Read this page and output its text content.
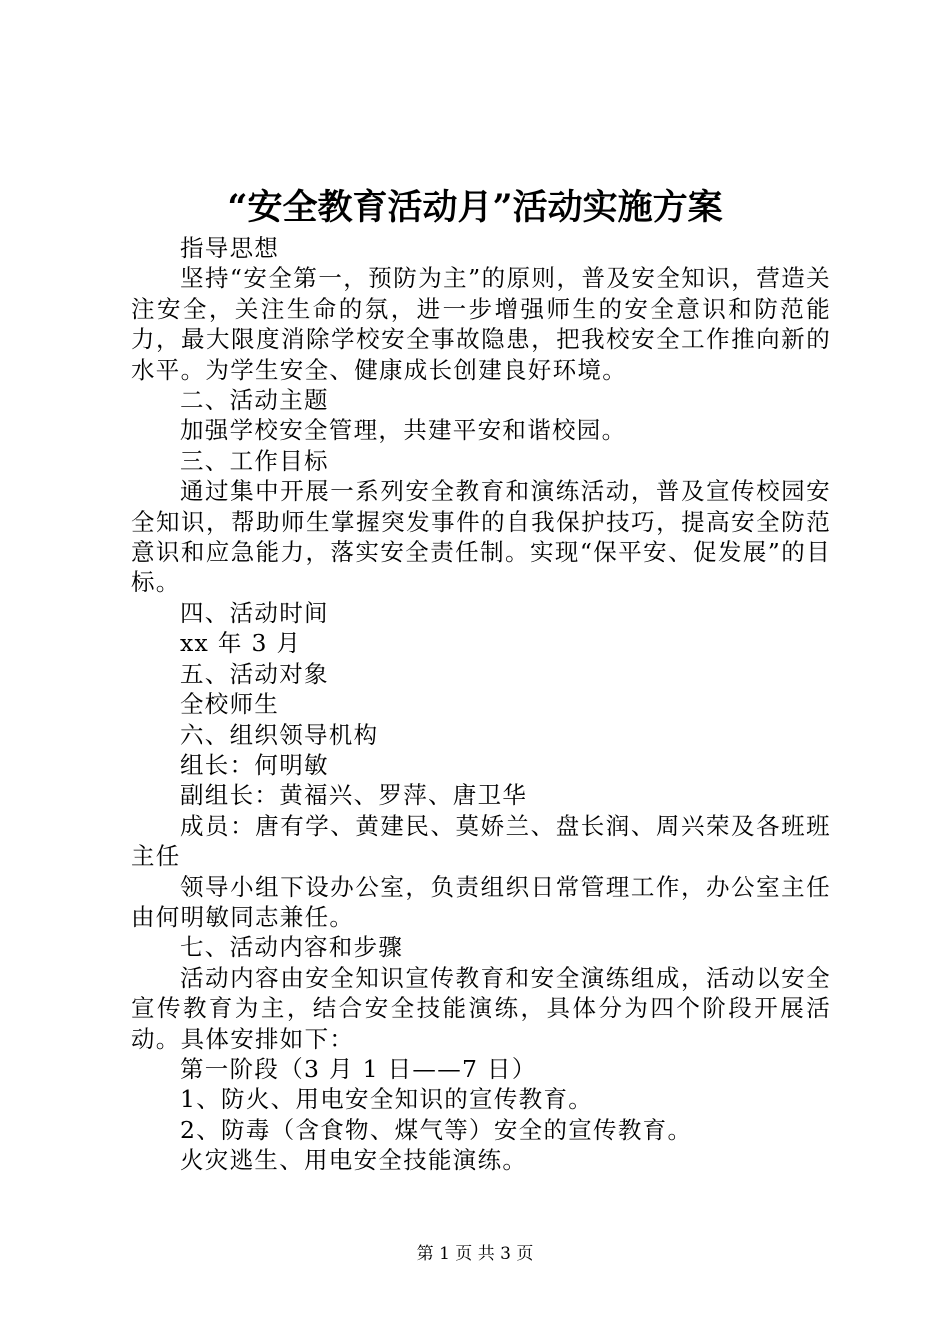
“安全教育活动月”活动实施方案

指导思想

坚持“安全第一，预防为主”的原则，普及安全知识，营造关注安全，关注生命的氛，进一步增强师生的安全意识和防范能力，最大限度消除学校安全事故隐患，把我校安全工作推向新的水平。为学生安全、健康成长创建良好环境。

二、活动主题

加强学校安全管理，共建平安和谐校园。

三、工作目标

通过集中开展一系列安全教育和演练活动，普及宣传校园安全知识，帮助师生掌握突发事件的自我保护技巧，提高安全防范意识和应急能力，落实安全责任制。实现“保平安、促发展”的目标。

四、活动时间

xx 年 3 月

五、活动对象

全校师生

六、组织领导机构

组长：何明敏

副组长：黄福兴、罗萍、唐卫华

成员：唐有学、黄建民、莫娇兰、盘长润、周兴荣及各班班主任

领导小组下设办公室，负责组织日常管理工作，办公室主任由何明敏同志兼任。

七、活动内容和步骤

活动内容由安全知识宣传教育和安全演练组成，活动以安全宣传教育为主，结合安全技能演练，具体分为四个阶段开展活动。具体安排如下：

第一阶段（3 月 1 日——7 日）

1、防火、用电安全知识的宣传教育。

2、防毒（含食物、煤气等）安全的宣传教育。

火灾逃生、用电安全技能演练。

第 1 页 共 3 页
